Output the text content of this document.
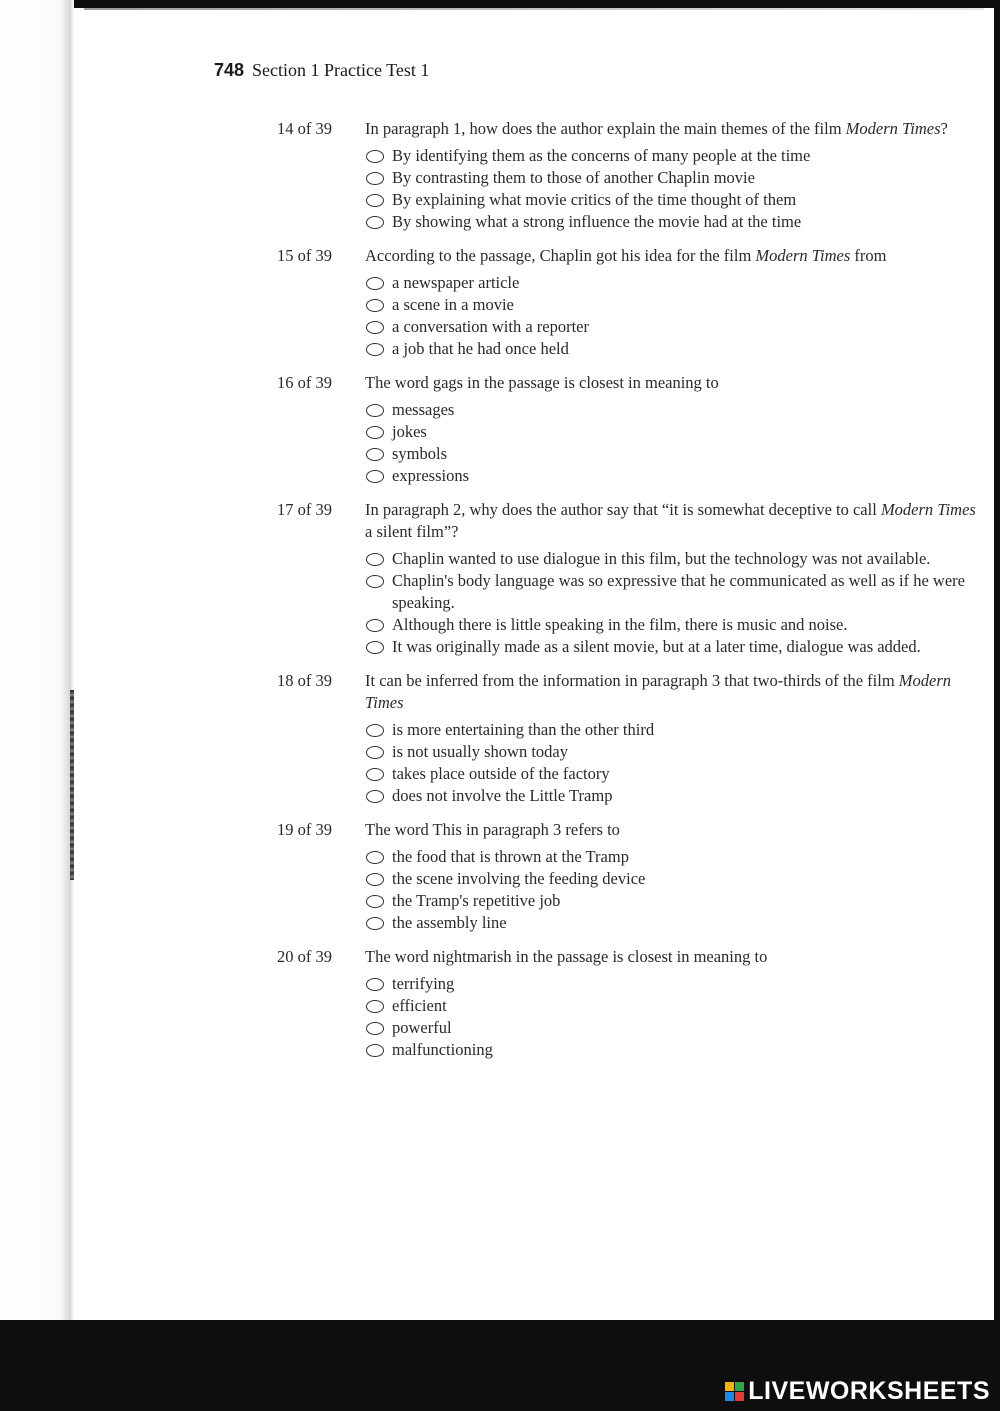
748 Section 1 Practice Test 1
14 of 39	In paragraph 1, how does the author explain the main themes of the film Modern Times?
By identifying them as the concerns of many people at the time
By contrasting them to those of another Chaplin movie
By explaining what movie critics of the time thought of them
By showing what a strong influence the movie had at the time
15 of 39	According to the passage, Chaplin got his idea for the film Modern Times from
a newspaper article
a scene in a movie
a conversation with a reporter
a job that he had once held
16 of 39	The word gags in the passage is closest in meaning to
messages
jokes
symbols
expressions
17 of 39	In paragraph 2, why does the author say that “it is somewhat deceptive to call Modern Times a silent film”?
Chaplin wanted to use dialogue in this film, but the technology was not available.
Chaplin's body language was so expressive that he communicated as well as if he were speaking.
Although there is little speaking in the film, there is music and noise.
It was originally made as a silent movie, but at a later time, dialogue was added.
18 of 39	It can be inferred from the information in paragraph 3 that two-thirds of the film Modern Times
is more entertaining than the other third
is not usually shown today
takes place outside of the factory
does not involve the Little Tramp
19 of 39	The word This in paragraph 3 refers to
the food that is thrown at the Tramp
the scene involving the feeding device
the Tramp's repetitive job
the assembly line
20 of 39	The word nightmarish in the passage is closest in meaning to
terrifying
efficient
powerful
malfunctioning
LIVEWORKSHEETS
